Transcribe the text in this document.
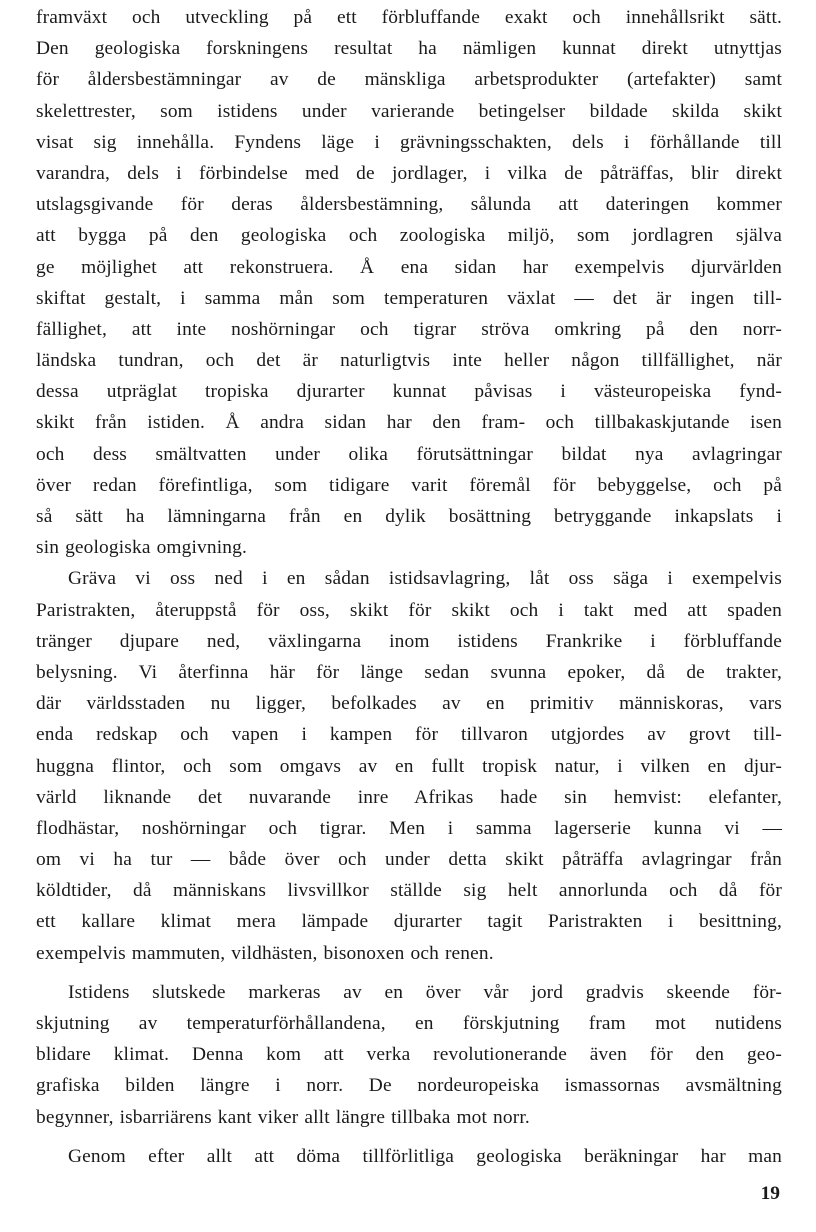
framväxt och utveckling på ett förbluffande exakt och innehållsrikt sätt.
Den geologiska forskningens resultat ha nämligen kunnat direkt utnyttjas
för åldersbestämningar av de mänskliga arbetsprodukter (artefakter) samt
skelettrester, som istidens under varierande betingelser bildade skilda skikt
visat sig innehålla. Fyndens läge i grävningsschakten, dels i förhållande till
varandra, dels i förbindelse med de jordlager, i vilka de påträffas, blir direkt
utslagsgivande för deras åldersbestämning, sålunda att dateringen kommer
att bygga på den geologiska och zoologiska miljö, som jordlagren själva
ge möjlighet att rekonstruera. Å ena sidan har exempelvis djurvärlden
skiftat gestalt, i samma mån som temperaturen växlat — det är ingen till-
fällighet, att inte noshörningar och tigrar ströva omkring på den norr-
ländska tundran, och det är naturligtvis inte heller någon tillfällighet, när
dessa utpräglat tropiska djurarter kunnat påvisas i västeuropeiska fynd-
skikt från istiden. Å andra sidan har den fram- och tillbakaskjutande isen
och dess smältvatten under olika förutsättningar bildat nya avlagringar
över redan förefintliga, som tidigare varit föremål för bebyggelse, och på
så sätt ha lämningarna från en dylik bosättning betryggande inkapslats i
sin geologiska omgivning.
Gräva vi oss ned i en sådan istidsavlagring, låt oss säga i exempelvis
Paristrakten, återuppstå för oss, skikt för skikt och i takt med att spaden
tränger djupare ned, växlingarna inom istidens Frankrike i förbluffande
belysning. Vi återfinna här för länge sedan svunna epoker, då de trakter,
där världsstaden nu ligger, befolkades av en primitiv människoras, vars
enda redskap och vapen i kampen för tillvaron utgjordes av grovt till-
huggna flintor, och som omgavs av en fullt tropisk natur, i vilken en djur-
värld liknande det nuvarande inre Afrikas hade sin hemvist: elefanter,
flodhästar, noshörningar och tigrar. Men i samma lagerserie kunna vi —
om vi ha tur — både över och under detta skikt påträffa avlagringar från
köldtider, då människans livsvillkor ställde sig helt annorlunda och då för
ett kallare klimat mera lämpade djurarter tagit Paristrakten i besittning,
exempelvis mammuten, vildhästen, bisonoxen och renen.
Istidens slutskede markeras av en över vår jord gradvis skeende för-
skjutning av temperaturförhållandena, en förskjutning fram mot nutidens
blidare klimat. Denna kom att verka revolutionerande även för den geo-
grafiska bilden längre i norr. De nordeuropeiska ismassornas avsmältning
begynner, isbarriärens kant viker allt längre tillbaka mot norr.
Genom efter allt att döma tillförlitliga geologiska beräkningar har man
19
